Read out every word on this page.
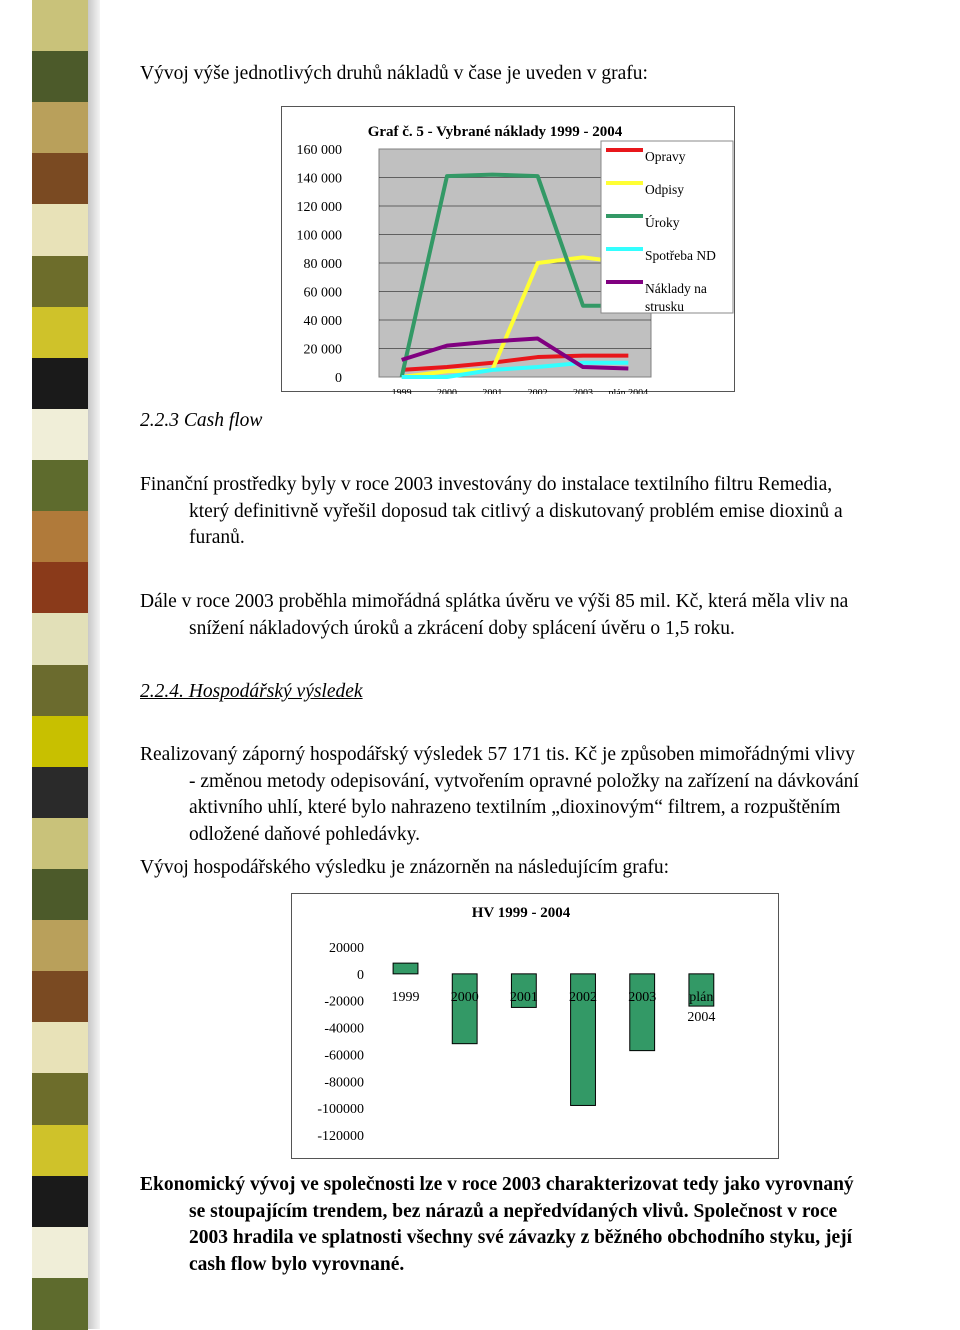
Vývoj výše jednotlivých druhů nákladů v čase je uveden v grafu:
Graf č. 5 - Vybrané náklady 1999 - 2004
0
20 000
40 000
60 000
80 000
100 000
120 000
140 000
160 000
1999	2000	2001	2002	2003 plán 2004
Opravy
Odpisy
Úroky
Spotřeba ND
Náklady na
strusku
2.2.3 Cash flow
Finanční prostředky byly v roce 2003 investovány do instalace textilního filtru Remedia,
který definitivně vyřešil doposud tak citlivý a diskutovaný problém emise dioxinů a
furanů.
Dále v roce 2003 proběhla mimořádná splátka úvěru ve výši 85 mil. Kč, která měla vliv na
snížení nákladových úroků a zkrácení doby splácení úvěru o 1,5 roku.
2.2.4. Hospodářský výsledek
Realizovaný záporný hospodářský výsledek 57 171 tis. Kč je způsoben mimořádnými vlivy
- změnou metody odepisování, vytvořením opravné položky na zařízení na dávkování
aktivního uhlí, které bylo nahrazeno textilním „dioxinovým“ filtrem, a rozpuštěním
odložené daňové pohledávky.
Vývoj hospodářského výsledku je znázorněn na následujícím grafu:
HV 1999 - 2004
20000
0
-20000
-40000
-60000
-80000
-100000
-120000
1999 2000 2001 2002 2003 plán
2004
Ekonomický vývoj ve společnosti lze v roce 2003 charakterizovat tedy jako vyrovnaný
se stoupajícím trendem, bez nárazů a nepředvídaných vlivů. Společnost v roce
2003 hradila ve splatnosti všechny své závazky z běžného obchodního styku, její
cash flow bylo vyrovnané.
